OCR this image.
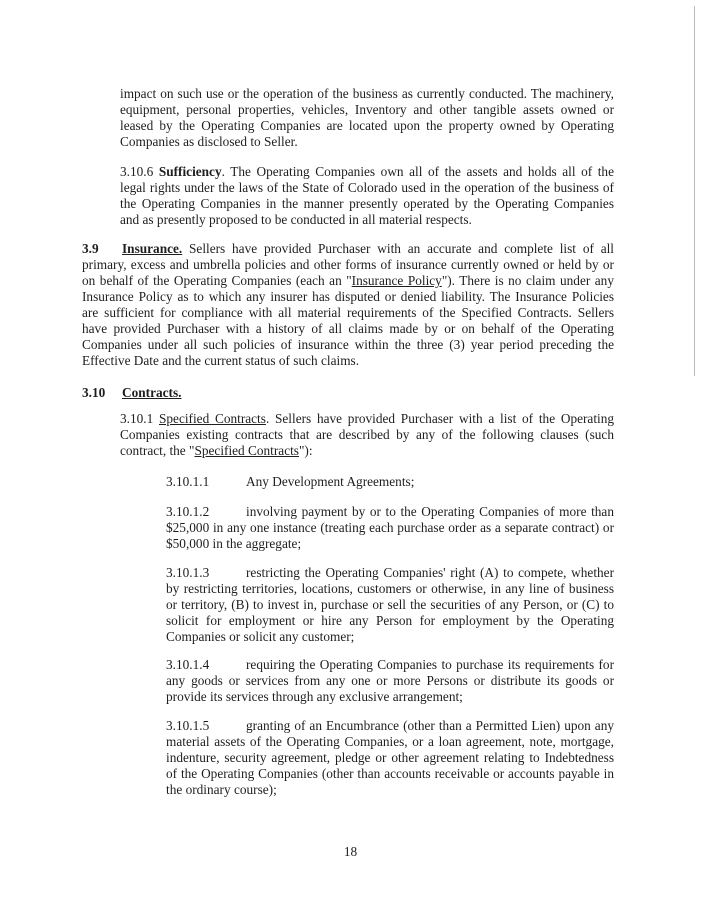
impact on such use or the operation of the business as currently conducted. The machinery,
equipment, personal properties, vehicles, Inventory and other tangible assets owned or
leased by the Operating Companies are located upon the property owned by Operating
Companies as disclosed to Seller.
3.10.6 Sufficiency. The Operating Companies own all of the assets and holds all of the
legal rights under the laws of the State of Colorado used in the operation of the business of
the Operating Companies in the manner presently operated by the Operating Companies
and as presently proposed to be conducted in all material respects.
3.9 Insurance. Sellers have provided Purchaser with an accurate and complete list of all
primary, excess and umbrella policies and other forms of insurance currently owned or held by or
on behalf of the Operating Companies (each an "Insurance Policy"). There is no claim under any
Insurance Policy as to which any insurer has disputed or denied liability. The Insurance Policies
are sufficient for compliance with all material requirements of the Specified Contracts. Sellers
have provided Purchaser with a history of all claims made by or on behalf of the Operating
Companies under all such policies of insurance within the three (3) year period preceding the
Effective Date and the current status of such claims.
3.10 Contracts.
3.10.1 Specified Contracts. Sellers have provided Purchaser with a list of the Operating
Companies existing contracts that are described by any of the following clauses (such
contract, the "Specified Contracts"):
3.10.1.1	Any Development Agreements;
3.10.1.2	involving payment by or to the Operating Companies of more than
$25,000 in any one instance (treating each purchase order as a separate contract) or
$50,000 in the aggregate;
3.10.1.3	restricting the Operating Companies' right (A) to compete, whether
by restricting territories, locations, customers or otherwise, in any line of business
or territory, (B) to invest in, purchase or sell the securities of any Person, or (C) to
solicit for employment or hire any Person for employment by the Operating
Companies or solicit any customer;
3.10.1.4	requiring the Operating Companies to purchase its requirements for
any goods or services from any one or more Persons or distribute its goods or
provide its services through any exclusive arrangement;
3.10.1.5	granting of an Encumbrance (other than a Permitted Lien) upon any
material assets of the Operating Companies, or a loan agreement, note, mortgage,
indenture, security agreement, pledge or other agreement relating to Indebtedness
of the Operating Companies (other than accounts receivable or accounts payable in
the ordinary course);
18
